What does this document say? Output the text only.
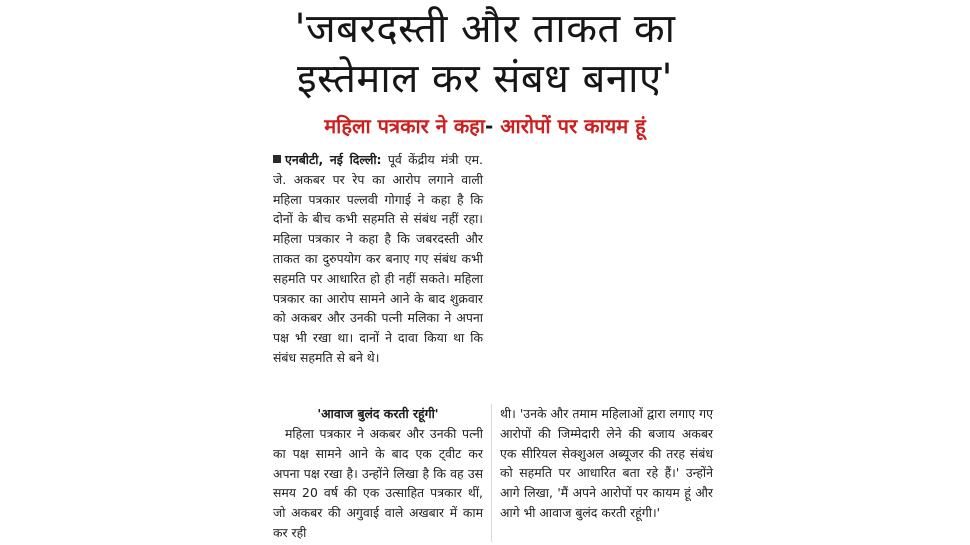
'जबरदस्ती और ताकत का
इस्तेमाल कर संबध बनाए'
महिला पत्रकार ने कहा- आरोपों पर कायम हूं

एनबीटी, नई दिल्ली: पूर्व केंद्रीय मंत्री एम. जे. अकबर पर रेप का आरोप लगाने वाली महिला पत्रकार पल्लवी गोगाई ने कहा है कि दोनों के बीच कभी सहमति से संबंध नहीं रहा। महिला पत्रकार ने कहा है कि जबरदस्ती और ताकत का दुरुपयोग कर बनाए गए संबंध कभी सहमति पर आधारित हो ही नहीं सकते। महिला पत्रकार का आरोप सामने आने के बाद शुक्रवार को अकबर और उनकी पत्नी मलिका ने अपना पक्ष भी रखा था। दानों ने दावा किया था कि संबंध सहमति से बने थे।

'आवाज बुलंद करती रहूंगी'

महिला पत्रकार ने अकबर और उनकी पत्नी का पक्ष सामने आने के बाद एक ट्वीट कर अपना पक्ष रखा है। उन्होंने लिखा है कि वह उस समय 20 वर्ष की एक उत्साहित पत्रकार थीं, जो अकबर की अगुवाई वाले अखबार में काम कर रही

थी। 'उनके और तमाम महिलाओं द्वारा लगाए गए आरोपों की जिम्मेदारी लेने की बजाय अकबर एक सीरियल सेक्शुअल अब्यूजर की तरह संबंध को सहमति पर आधारित बता रहे हैं।' उन्होंने आगे लिखा, 'मैं अपने आरोपों पर कायम हूं और आगे भी आवाज बुलंद करती रहूंगी।'
